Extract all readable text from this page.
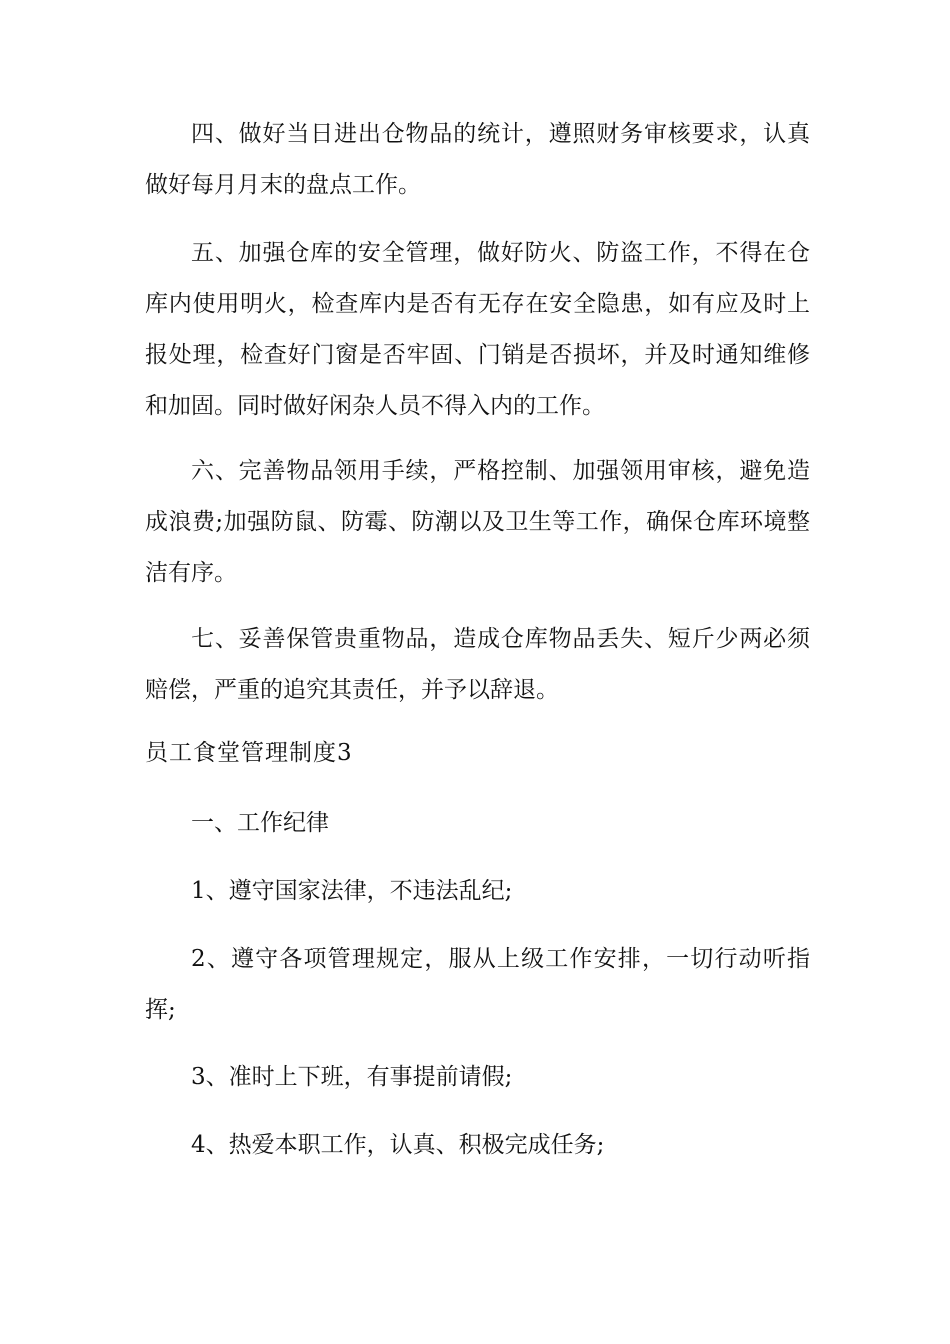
四、做好当日进出仓物品的统计，遵照财务审核要求，认真做好每月月末的盘点工作。

五、加强仓库的安全管理，做好防火、防盗工作，不得在仓库内使用明火，检查库内是否有无存在安全隐患，如有应及时上报处理，检查好门窗是否牢固、门销是否损坏，并及时通知维修和加固。同时做好闲杂人员不得入内的工作。

六、完善物品领用手续，严格控制、加强领用审核，避免造成浪费;加强防鼠、防霉、防潮以及卫生等工作，确保仓库环境整洁有序。

七、妥善保管贵重物品，造成仓库物品丢失、短斤少两必须赔偿，严重的追究其责任，并予以辞退。

员工食堂管理制度3

一、工作纪律

1、遵守国家法律，不违法乱纪;

2、遵守各项管理规定，服从上级工作安排，一切行动听指挥;

3、准时上下班，有事提前请假;

4、热爱本职工作，认真、积极完成任务;
